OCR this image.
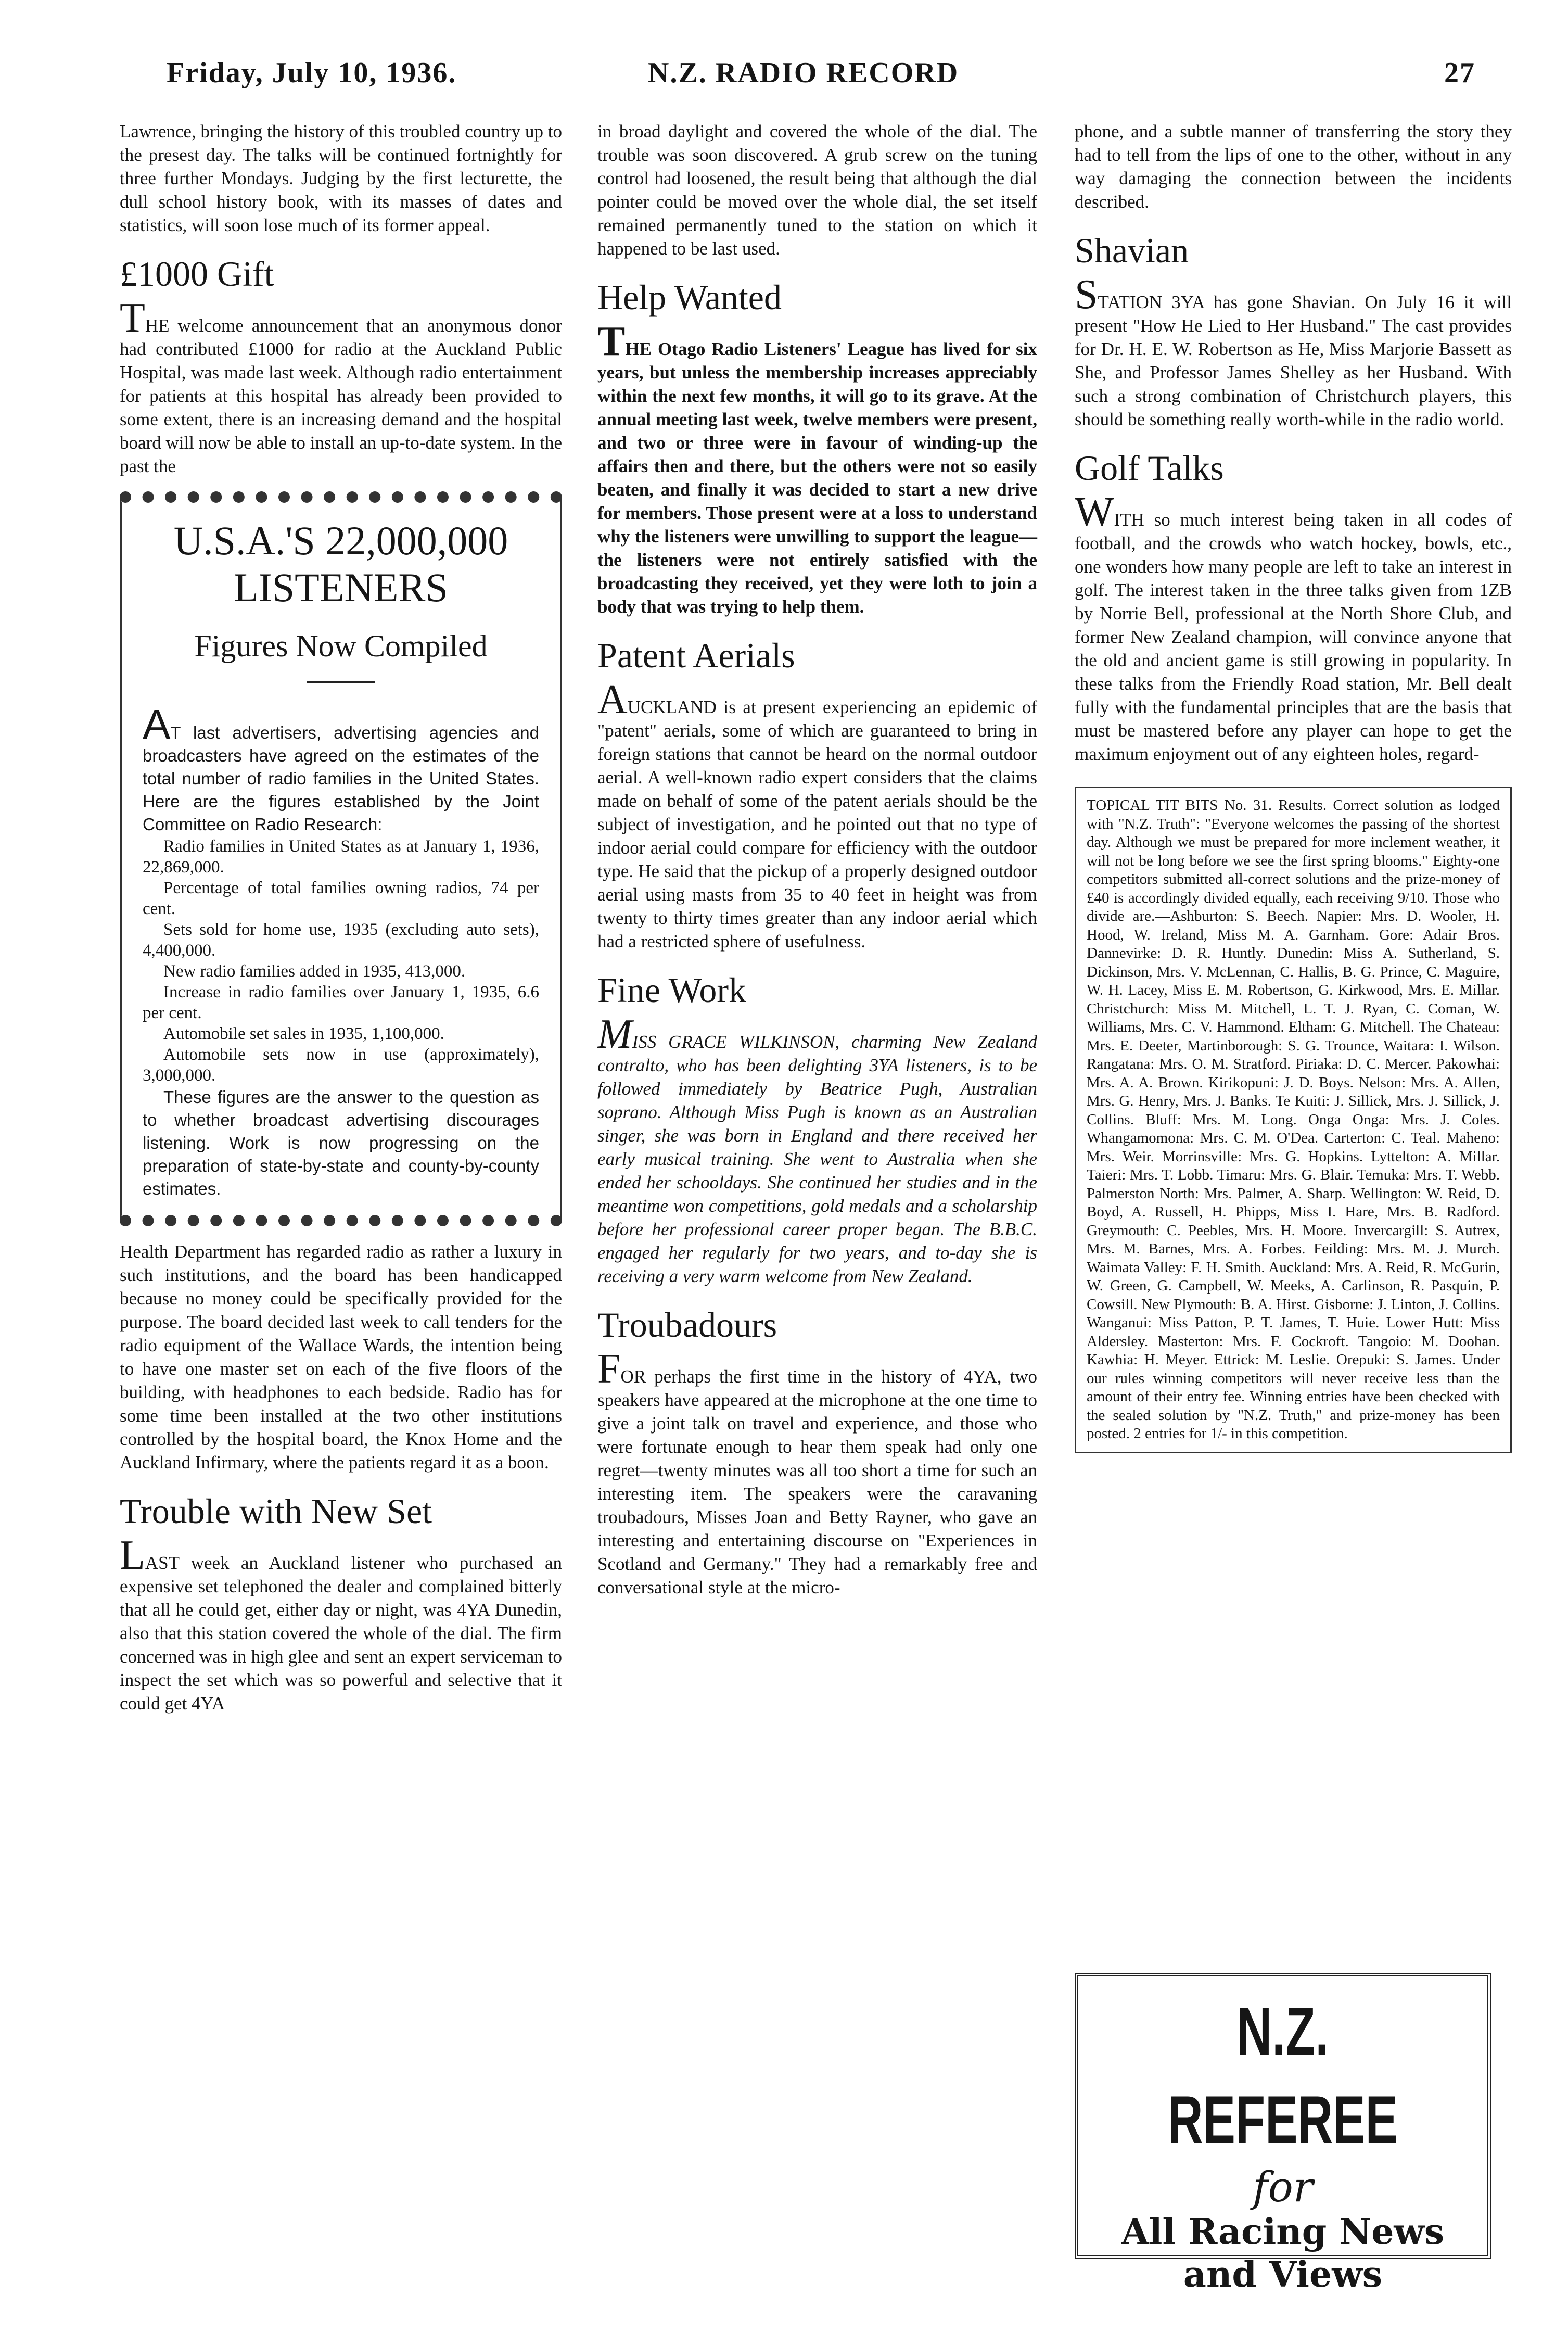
Friday, July 10, 1936.	N.Z. RADIO RECORD	27

Lawrence, bringing the history of this troubled country up to the presest day. The talks will be continued fortnightly for three further Mondays. Judging by the first lecturette, the dull school history book, with its masses of dates and statistics, will soon lose much of its former appeal.

£1000 Gift

THE welcome announcement that an anonymous donor had contributed £1000 for radio at the Auckland Public Hospital, was made last week. Although radio entertainment for patients at this hospital has already been provided to some extent, there is an increasing demand and the hospital board will now be able to install an up-to-date system. In the past the

U.S.A.'S 22,000,000 LISTENERS
Figures Now Compiled

AT last advertisers, advertising agencies and broadcasters have agreed on the estimates of the total number of radio families in the United States. Here are the figures established by the Joint Committee on Radio Research:

Radio families in United States as at January 1, 1936, 22,869,000.

Percentage of total families owning radios, 74 per cent.

Sets sold for home use, 1935 (excluding auto sets), 4,400,000.

New radio families added in 1935, 413,000.

Increase in radio families over January 1, 1935, 6.6 per cent.

Automobile set sales in 1935, 1,100,000.

Automobile sets now in use (approximately), 3,000,000.

These figures are the answer to the question as to whether broadcast advertising discourages listening. Work is now progressing on the preparation of state-by-state and county-by-county estimates.

Health Department has regarded radio as rather a luxury in such institutions, and the board has been handicapped because no money could be specifically provided for the purpose. The board decided last week to call tenders for the radio equipment of the Wallace Wards, the intention being to have one master set on each of the five floors of the building, with headphones to each bedside. Radio has for some time been installed at the two other institutions controlled by the hospital board, the Knox Home and the Auckland Infirmary, where the patients regard it as a boon.

Trouble with New Set

LAST week an Auckland listener who purchased an expensive set telephoned the dealer and complained bitterly that all he could get, either day or night, was 4YA Dunedin, also that this station covered the whole of the dial. The firm concerned was in high glee and sent an expert serviceman to inspect the set which was so powerful and selective that it could get 4YA

in broad daylight and covered the whole of the dial. The trouble was soon discovered. A grub screw on the tuning control had loosened, the result being that although the dial pointer could be moved over the whole dial, the set itself remained permanently tuned to the station on which it happened to be last used.

Help Wanted

THE Otago Radio Listeners' League has lived for six years, but unless the membership increases appreciably within the next few months, it will go to its grave. At the annual meeting last week, twelve members were present, and two or three were in favour of winding-up the affairs then and there, but the others were not so easily beaten, and finally it was decided to start a new drive for members. Those present were at a loss to understand why the listeners were unwilling to support the league—the listeners were not entirely satisfied with the broadcasting they received, yet they were loth to join a body that was trying to help them.

Patent Aerials

AUCKLAND is at present experiencing an epidemic of "patent" aerials, some of which are guaranteed to bring in foreign stations that cannot be heard on the normal outdoor aerial. A well-known radio expert considers that the claims made on behalf of some of the patent aerials should be the subject of investigation, and he pointed out that no type of indoor aerial could compare for efficiency with the outdoor type. He said that the pickup of a properly designed outdoor aerial using masts from 35 to 40 feet in height was from twenty to thirty times greater than any indoor aerial which had a restricted sphere of usefulness.

Fine Work

MISS GRACE WILKINSON, charming New Zealand contralto, who has been delighting 3YA listeners, is to be followed immediately by Beatrice Pugh, Australian soprano. Although Miss Pugh is known as an Australian singer, she was born in England and there received her early musical training. She went to Australia when she ended her schooldays. She continued her studies and in the meantime won competitions, gold medals and a scholarship before her professional career proper began. The B.B.C. engaged her regularly for two years, and to-day she is receiving a very warm welcome from New Zealand.

Troubadours

FOR perhaps the first time in the history of 4YA, two speakers have appeared at the microphone at the one time to give a joint talk on travel and experience, and those who were fortunate enough to hear them speak had only one regret—twenty minutes was all too short a time for such an interesting item. The speakers were the caravaning troubadours, Misses Joan and Betty Rayner, who gave an interesting and entertaining discourse on "Experiences in Scotland and Germany." They had a remarkably free and conversational style at the micro-

phone, and a subtle manner of transferring the story they had to tell from the lips of one to the other, without in any way damaging the connection between the incidents described.

Shavian

STATION 3YA has gone Shavian. On July 16 it will present "How He Lied to Her Husband." The cast provides for Dr. H. E. W. Robertson as He, Miss Marjorie Bassett as She, and Professor James Shelley as her Husband. With such a strong combination of Christchurch players, this should be something really worth-while in the radio world.

Golf Talks

WITH so much interest being taken in all codes of football, and the crowds who watch hockey, bowls, etc., one wonders how many people are left to take an interest in golf. The interest taken in the three talks given from 1ZB by Norrie Bell, professional at the North Shore Club, and former New Zealand champion, will convince anyone that the old and ancient game is still growing in popularity. In these talks from the Friendly Road station, Mr. Bell dealt fully with the fundamental principles that are the basis that must be mastered before any player can hope to get the maximum enjoyment out of any eighteen holes, regard-

TOPICAL TIT BITS No. 31. Results. Correct solution as lodged with "N.Z. Truth": "Everyone welcomes the passing of the shortest day. Although we must be prepared for more inclement weather, it will not be long before we see the first spring blooms." Eighty-one competitors submitted all-correct solutions and the prize-money of £40 is accordingly divided equally, each receiving 9/10. Those who divide are.—Ashburton: S. Beech. Napier: Mrs. D. Wooler, H. Hood, W. Ireland, Miss M. A. Garnham. Gore: Adair Bros. Dannevirke: D. R. Huntly. Dunedin: Miss A. Sutherland, S. Dickinson, Mrs. V. McLennan, C. Hallis, B. G. Prince, C. Maguire, W. H. Lacey, Miss E. M. Robertson, G. Kirkwood, Mrs. E. Millar. Christchurch: Miss M. Mitchell, L. T. J. Ryan, C. Coman, W. Williams, Mrs. C. V. Hammond. Eltham: G. Mitchell. The Chateau: Mrs. E. Deeter, Martinborough: S. G. Trounce, Waitara: I. Wilson. Rangatana: Mrs. O. M. Stratford. Piriaka: D. C. Mercer. Pakowhai: Mrs. A. A. Brown. Kirikopuni: J. D. Boys. Nelson: Mrs. A. Allen, Mrs. G. Henry, Mrs. J. Banks. Te Kuiti: J. Sillick, Mrs. J. Sillick, J. Collins. Bluff: Mrs. M. Long. Onga Onga: Mrs. J. Coles. Whangamomona: Mrs. C. M. O'Dea. Carterton: C. Teal. Maheno: Mrs. Weir. Morrinsville: Mrs. G. Hopkins. Lyttelton: A. Millar. Taieri: Mrs. T. Lobb. Timaru: Mrs. G. Blair. Temuka: Mrs. T. Webb. Palmerston North: Mrs. Palmer, A. Sharp. Wellington: W. Reid, D. Boyd, A. Russell, H. Phipps, Miss I. Hare, Mrs. B. Radford. Greymouth: C. Peebles, Mrs. H. Moore. Invercargill: S. Autrex, Mrs. M. Barnes, Mrs. A. Forbes. Feilding: Mrs. M. J. Murch. Waimata Valley: F. H. Smith. Auckland: Mrs. A. Reid, R. McGurin, W. Green, G. Campbell, W. Meeks, A. Carlinson, R. Pasquin, P. Cowsill. New Plymouth: B. A. Hirst. Gisborne: J. Linton, J. Collins. Wanganui: Miss Patton, P. T. James, T. Huie. Lower Hutt: Miss Aldersley. Masterton: Mrs. F. Cockroft. Tangoio: M. Doohan. Kawhia: H. Meyer. Ettrick: M. Leslie. Orepuki: S. James. Under our rules winning competitors will never receive less than the amount of their entry fee. Winning entries have been checked with the sealed solution by "N.Z. Truth," and prize-money has been posted. 2 entries for 1/- in this competition.

N.Z. REFEREE
for
All Racing News
and Views
